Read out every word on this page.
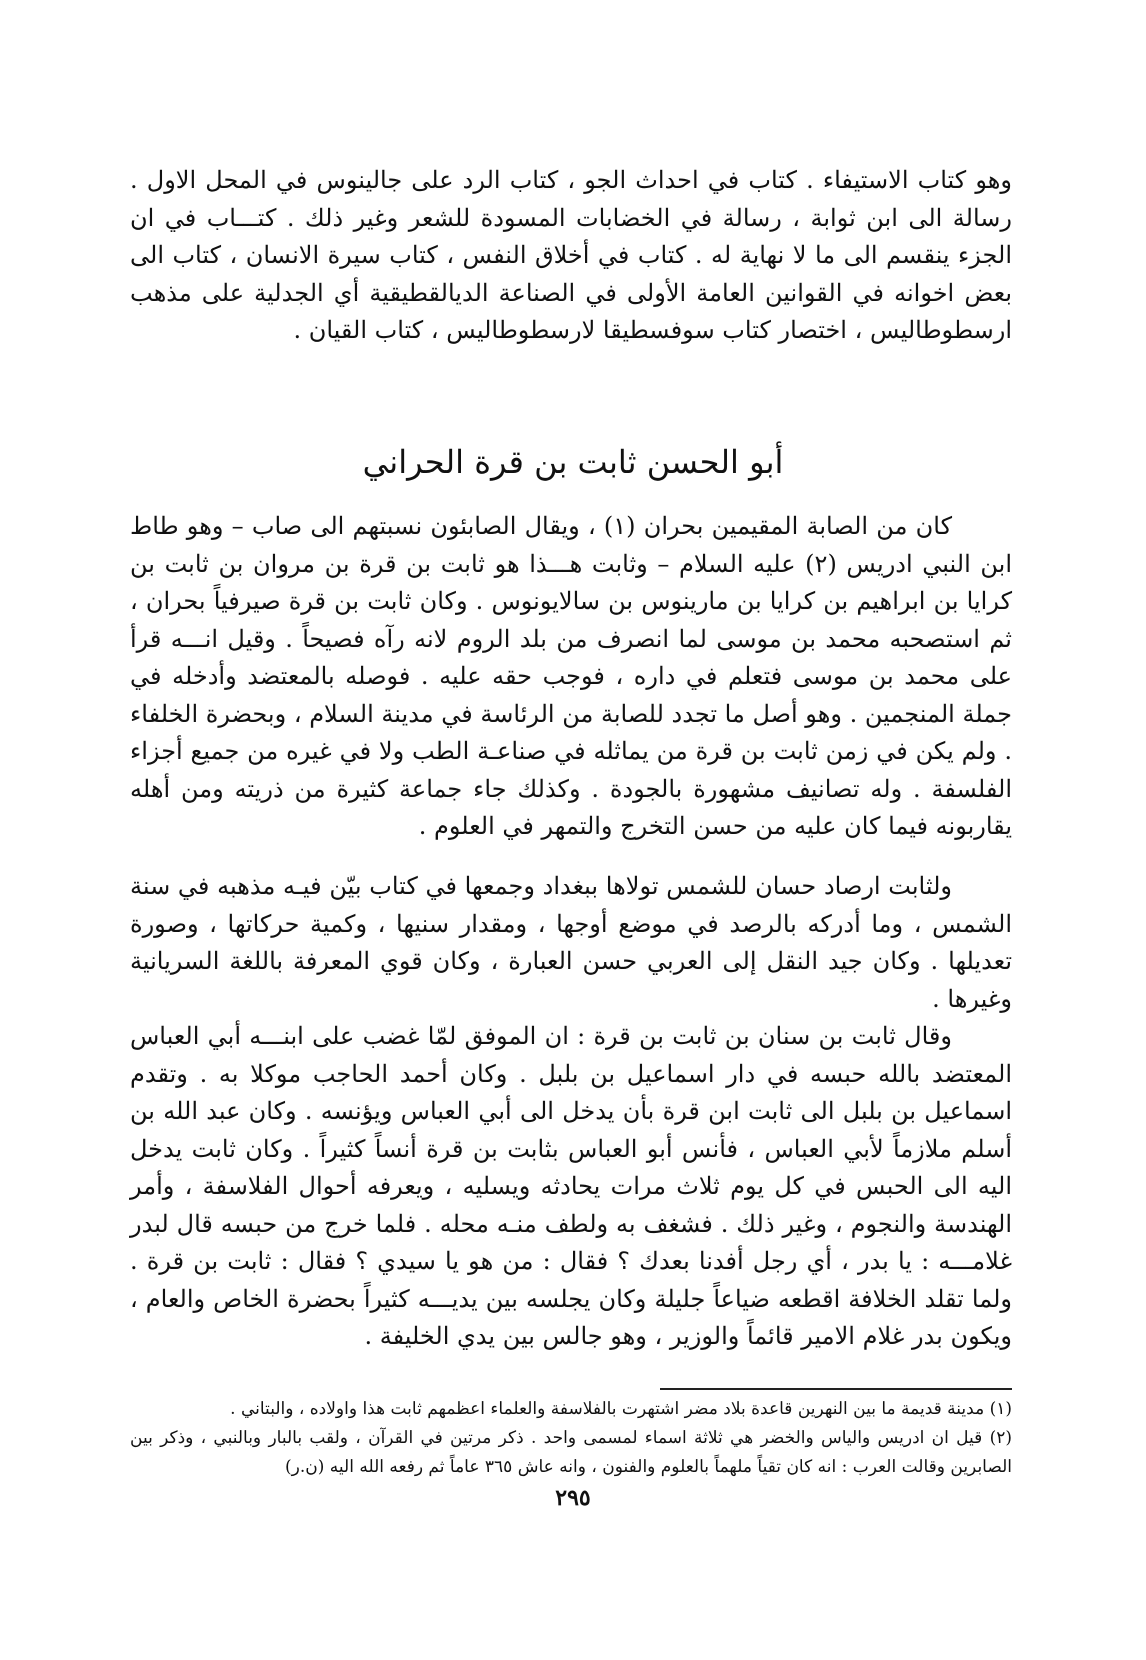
وهو كتاب الاستيفاء . كتاب في احداث الجو ، كتاب الرد على جالينوس في المحل الاول . رسالة الى ابن ثوابة ، رسالة في الخضابات المسودة للشعر وغير ذلك . كتـــاب في ان الجزء ينقسم الى ما لا نهاية له . كتاب في أخلاق النفس ، كتاب سيرة الانسان ، كتاب الى بعض اخوانه في القوانين العامة الأولى في الصناعة الديالقطيقية أي الجدلية على مذهب ارسطوطاليس ، اختصار كتاب سوفسطيقا لارسطوطاليس ، كتاب القيان .

أبو الحسن ثابت بن قرة الحراني

كان من الصابة المقيمين بحران (١) ، ويقال الصابئون نسبتهم الى صاب – وهو طاط ابن النبي ادريس (٢) عليه السلام – وثابت هـــذا هو ثابت بن قرة بن مروان بن ثابت بن كرايا بن ابراهيم بن كرايا بن مارينوس بن سالايونوس . وكان ثابت بن قرة صيرفياً بحران ، ثم استصحبه محمد بن موسى لما انصرف من بلد الروم لانه رآه فصيحاً . وقيل انـــه قرأ على محمد بن موسى فتعلم في داره ، فوجب حقه عليه . فوصله بالمعتضد وأدخله في جملة المنجمين . وهو أصل ما تجدد للصابة من الرئاسة في مدينة السلام ، وبحضرة الخلفاء . ولم يكن في زمن ثابت بن قرة من يماثله في صناعـة الطب ولا في غيره من جميع أجزاء الفلسفة . وله تصانيف مشهورة بالجودة . وكذلك جاء جماعة كثيرة من ذريته ومن أهله يقاربونه فيما كان عليه من حسن التخرج والتمهر في العلوم .

ولثابت ارصاد حسان للشمس تولاها ببغداد وجمعها في كتاب بيّن فيـه مذهبه في سنة الشمس ، وما أدركه بالرصد في موضع أوجها ، ومقدار سنيها ، وكمية حركاتها ، وصورة تعديلها . وكان جيد النقل إلى العربي حسن العبارة ، وكان قوي المعرفة باللغة السريانية وغيرها .

وقال ثابت بن سنان بن ثابت بن قرة : ان الموفق لمّا غضب على ابنـــه أبي العباس المعتضد بالله حبسه في دار اسماعيل بن بلبل . وكان أحمد الحاجب موكلا به . وتقدم اسماعيل بن بلبل الى ثابت ابن قرة بأن يدخل الى أبي العباس ويؤنسه . وكان عبد الله بن أسلم ملازماً لأبي العباس ، فأنس أبو العباس بثابت بن قرة أنساً كثيراً . وكان ثابت يدخل اليه الى الحبس في كل يوم ثلاث مرات يحادثه ويسليه ، ويعرفه أحوال الفلاسفة ، وأمر الهندسة والنجوم ، وغير ذلك . فشغف به ولطف منـه محله . فلما خرج من حبسه قال لبدر غلامـــه : يا بدر ، أي رجل أفدنا بعدك ؟ فقال : من هو يا سيدي ؟ فقال : ثابت بن قرة . ولما تقلد الخلافة اقطعه ضياعاً جليلة وكان يجلسه بين يديـــه كثيراً بحضرة الخاص والعام ، ويكون بدر غلام الامير قائماً والوزير ، وهو جالس بين يدي الخليفة .

(١) مدينة قديمة ما بين النهرين قاعدة بلاد مضر اشتهرت بالفلاسفة والعلماء اعظمهم ثابت هذا واولاده ، والبتاني .
(٢) قيل ان ادريس والياس والخضر هي ثلاثة اسماء لمسمى واحد . ذكر مرتين في القرآن ، ولقب بالبار وبالنبي ، وذكر بين الصابرين وقالت العرب : انه كان تقياً ملهماً بالعلوم والفنون ، وانه عاش ٣٦٥ عاماً ثم رفعه الله اليه (ن.ر)
٢٩٥
